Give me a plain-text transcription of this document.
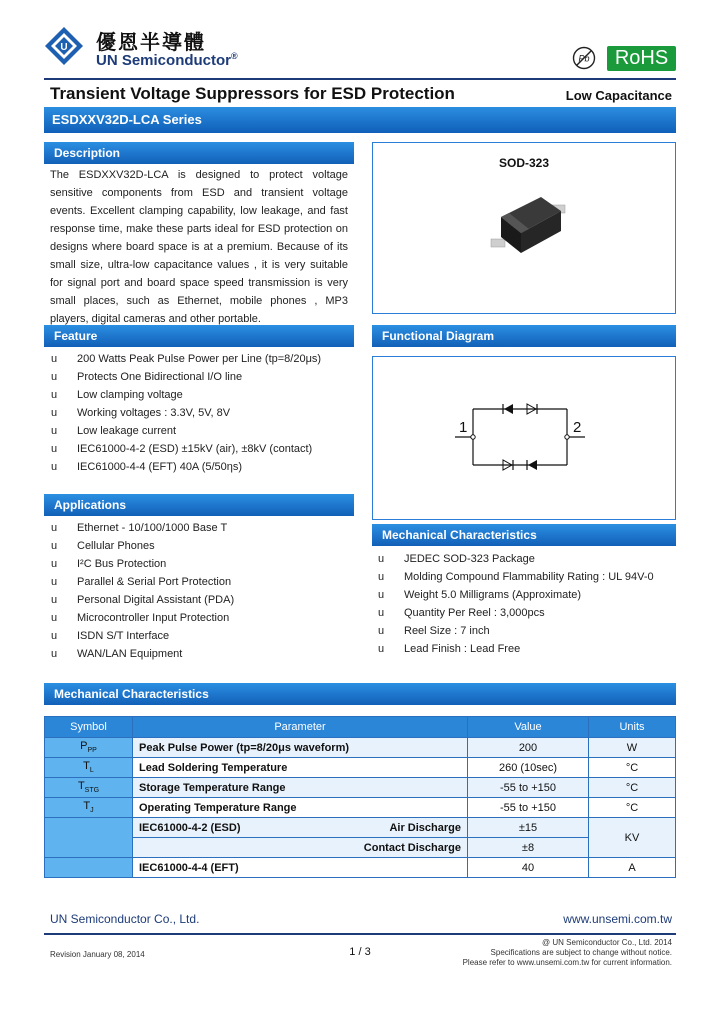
U 優恩半導體
UN Semiconductor®	Pb	RoHS
Transient Voltage Suppressors for ESD Protection	Low Capacitance
ESDXXV32D-LCA Series
Description
The ESDXXV32D-LCA is designed to protect voltage sensitive components from ESD and transient voltage events. Excellent clamping capability, low leakage, and fast response time, make these parts ideal for ESD protection on designs where board space is at a premium. Because of its small size, ultra-low capacitance values , it is very suitable for signal port and board space speed transmission is very small places, such as Ethernet, mobile phones , MP3 players, digital cameras and other portable.
SOD-323
Feature
u 200 Watts Peak Pulse Power per Line (tp=8/20μs)
u Protects One Bidirectional I/O line
u Low clamping voltage
u Working voltages : 3.3V, 5V, 8V
u Low leakage current
u IEC61000-4-2 (ESD) ±15kV (air), ±8kV (contact)
u IEC61000-4-4 (EFT) 40A (5/50ηs)
Functional Diagram
1	2
Applications
u Ethernet - 10/100/1000 Base T
u Cellular Phones
u I²C Bus Protection
u Parallel & Serial Port Protection
u Personal Digital Assistant (PDA)
u Microcontroller Input Protection
u ISDN S/T Interface
u WAN/LAN Equipment
Mechanical Characteristics
u JEDEC SOD-323 Package
u Molding Compound Flammability Rating : UL 94V-0
u Weight 5.0 Milligrams (Approximate)
u Quantity Per Reel : 3,000pcs
u Reel Size : 7 inch
u Lead Finish : Lead Free
Mechanical Characteristics
Symbol	Parameter	Value	Units
$P_{PP}$	Peak Pulse Power (tp=8/20μs waveform)	200	W
$T_L$	Lead Soldering Temperature	260 (10sec)	°C
$T_{STG}$	Storage Temperature Range	-55 to +150	°C
$T_J$	Operating Temperature Range	-55 to +150	°C
	IEC61000-4-2 (ESD) Air Discharge	±15	KV
	Contact Discharge	±8	
	IEC61000-4-4 (EFT)	40	A
UN Semiconductor Co., Ltd.	www.unsemi.com.tw
Revision January 08, 2014	1 / 3
@ UN Semiconductor Co., Ltd. 2014
Specifications are subject to change without notice.
Please refer to www.unsemi.com.tw for current information.
